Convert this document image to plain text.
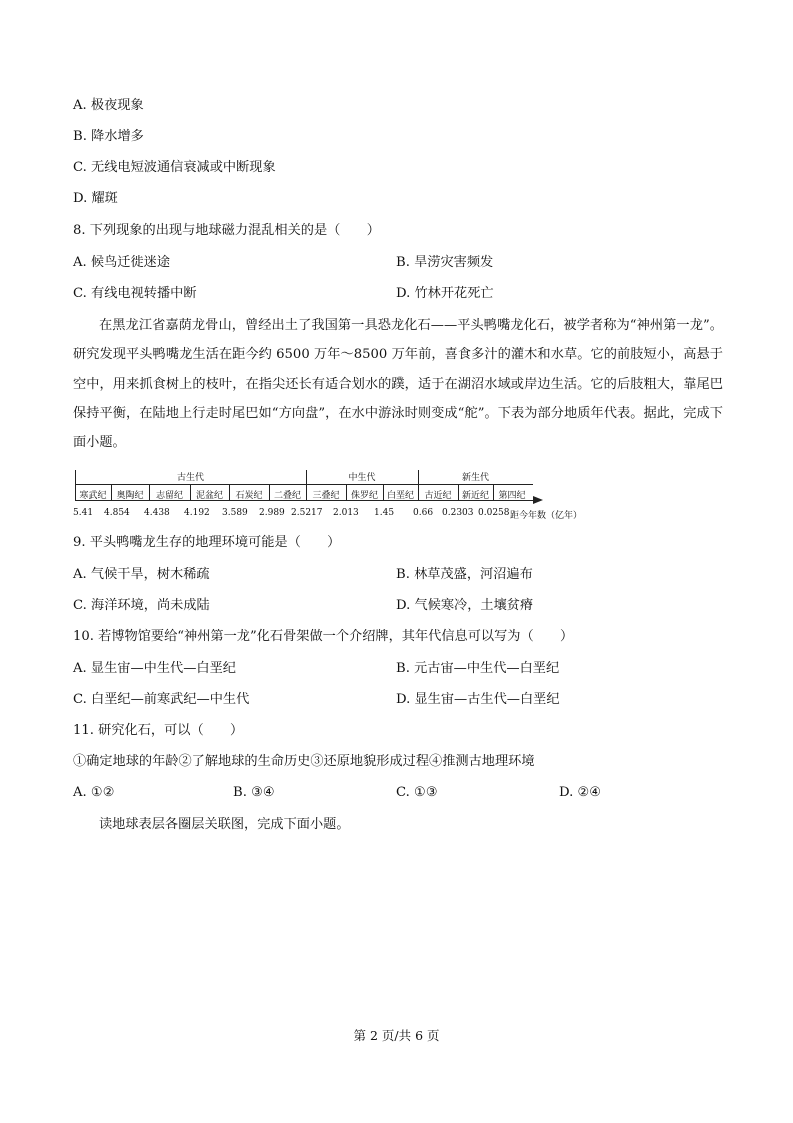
A. 极夜现象
B. 降水增多
C. 无线电短波通信衰减或中断现象
D. 耀斑
8. 下列现象的出现与地球磁力混乱相关的是（　　）
A. 候鸟迁徙迷途	B. 旱涝灾害频发
C. 有线电视转播中断	D. 竹林开花死亡
在黑龙江省嘉荫龙骨山，曾经出土了我国第一具恐龙化石——平头鸭嘴龙化石，被学者称为“神州第一龙”。研究发现平头鸭嘴龙生活在距今约 6500 万年～8500 万年前，喜食多汁的灌木和水草。它的前肢短小，高悬于空中，用来抓食树上的枝叶，在指尖还长有适合划水的蹼，适于在湖沼水域或岸边生活。它的后肢粗大，靠尾巴保持平衡，在陆地上行走时尾巴如“方向盘”，在水中游泳时则变成“舵”。下表为部分地质年代表。据此，完成下面小题。
古生代	中生代	新生代
寒武纪	奥陶纪	志留纪	泥盆纪	石炭纪	二叠纪	三叠纪	侏罗纪 白垩纪	古近纪	新近纪	第四纪
5.41 4.854 4.438 4.192 3.589 2.989 2.5217 2.013 1.45 0.66 0.2303 0.0258 距今年数（亿年）
9. 平头鸭嘴龙生存的地理环境可能是（　　）
A. 气候干旱，树木稀疏	B. 林草茂盛，河沼遍布
C. 海洋环境，尚未成陆	D. 气候寒冷，土壤贫瘠
10. 若博物馆要给“神州第一龙”化石骨架做一个介绍牌，其年代信息可以写为（　　）
A. 显生宙—中生代—白垩纪	B. 元古宙—中生代—白垩纪
C. 白垩纪—前寒武纪—中生代	D. 显生宙—古生代—白垩纪
11. 研究化石，可以（　　）
①确定地球的年龄②了解地球的生命历史③还原地貌形成过程④推测古地理环境
A. ①②	B. ③④	C. ①③	D. ②④
读地球表层各圈层关联图，完成下面小题。
第 2 页/共 6 页
